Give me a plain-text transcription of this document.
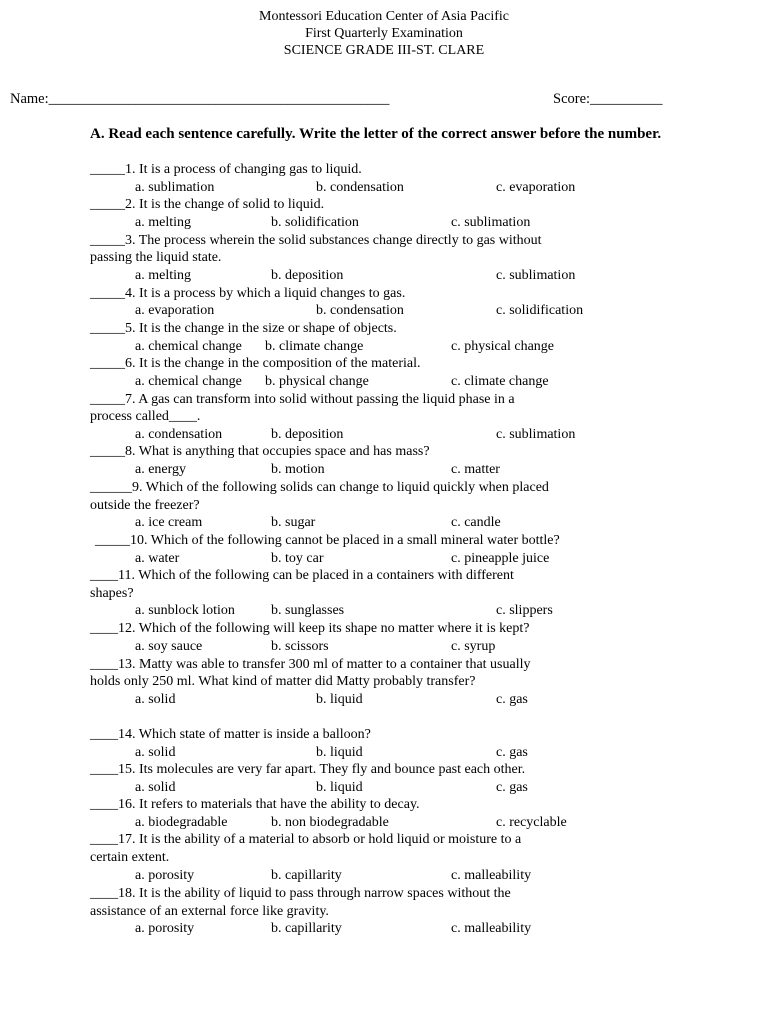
Montessori Education Center of Asia Pacific
First Quarterly Examination
SCIENCE GRADE III-ST. CLARE
Name:_______________________________________________	Score:__________
A. Read each sentence carefully. Write the letter of the correct answer before the number.
_____1. It is a process of changing gas to liquid.
a. sublimation	b. condensation	c. evaporation
_____2. It is the change of solid to liquid.
a. melting	b. solidification	c. sublimation
_____3. The process wherein the solid substances change directly to gas without
passing the liquid state.
a. melting	b. deposition	c. sublimation
_____4. It is a process by which a liquid changes to gas.
a. evaporation	b. condensation	c. solidification
_____5. It is the change in the size or shape of objects.
a. chemical change b. climate change	c. physical change
_____6. It is the change in the composition of the material.
a. chemical change b. physical change	c. climate change
_____7. A gas can transform into solid without passing the liquid phase in a
process called____.
a. condensation	b. deposition	c. sublimation
_____8. What is anything that occupies space and has mass?
a. energy	b. motion	c. matter
______9. Which of the following solids can change to liquid quickly when placed
outside the freezer?
a. ice cream	b. sugar	c. candle
_____10. Which of the following cannot be placed in a small mineral water bottle?
a. water	b. toy car	c. pineapple juice
____11. Which of the following can be placed in a containers with different
shapes?
a. sunblock lotion	b. sunglasses	c. slippers
____12. Which of the following will keep its shape no matter where it is kept?
a. soy sauce	b. scissors	c. syrup
____13. Matty was able to transfer 300 ml of matter to a container that usually
holds only 250 ml. What kind of matter did Matty probably transfer?
a. solid	b. liquid	c. gas
____14. Which state of matter is inside a balloon?
a. solid	b. liquid	c. gas
____15. Its molecules are very far apart. They fly and bounce past each other.
a. solid	b. liquid	c. gas
____16. It refers to materials that have the ability to decay.
a. biodegradable	b. non biodegradable	c. recyclable
____17. It is the ability of a material to absorb or hold liquid or moisture to a
certain extent.
a. porosity	b. capillarity	c. malleability
____18. It is the ability of liquid to pass through narrow spaces without the
assistance of an external force like gravity.
a. porosity	b. capillarity	c. malleability
